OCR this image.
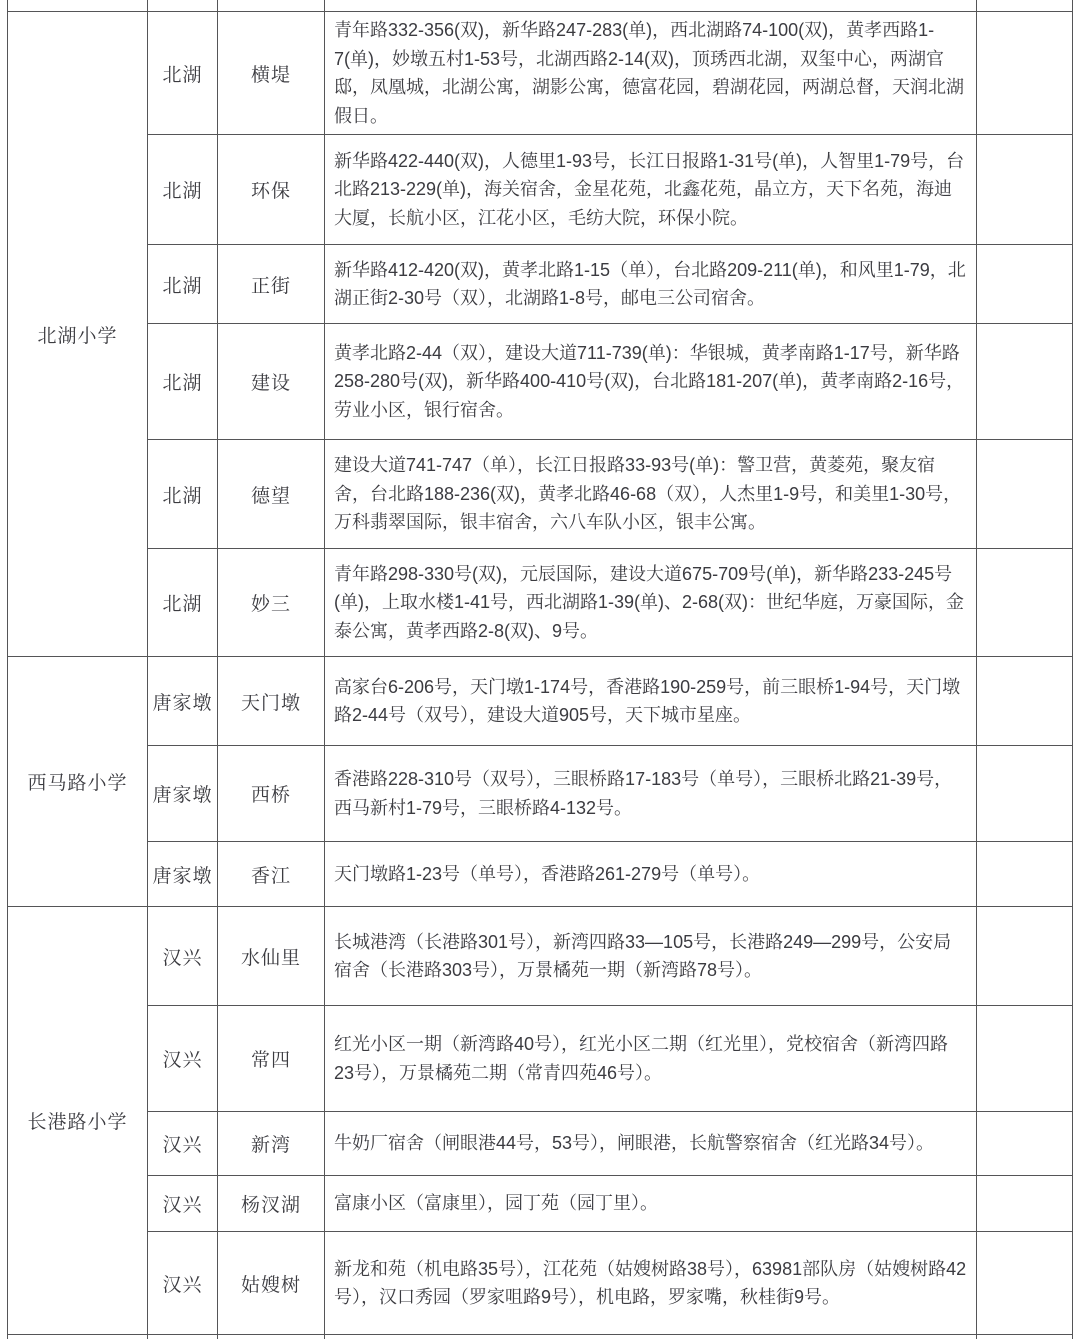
北湖小学	北湖	横堤	青年路332-356(双)，新华路247-283(单)，西北湖路74-100(双)，黄孝西路1-7(单)，妙墩五村1-53号，北湖西路2-14(双)，顶琇西北湖，双玺中心，两湖官邸，凤凰城，北湖公寓，湖影公寓，德富花园，碧湖花园，两湖总督，天润北湖假日。	
	北湖	环保	新华路422-440(双)，人德里1-93号，长江日报路1-31号(单)，人智里1-79号，台北路213-229(单)，海关宿舍，金星花苑，北鑫花苑，晶立方，天下名苑，海迪大厦，长航小区，江花小区，毛纺大院，环保小院。	
	北湖	正街	新华路412-420(双)，黄孝北路1-15（单），台北路209-211(单)，和风里1-79，北湖正街2-30号（双），北湖路1-8号，邮电三公司宿舍。	
	北湖	建设	黄孝北路2-44（双），建设大道711-739(单)：华银城，黄孝南路1-17号，新华路258-280号(双)，新华路400-410号(双)，台北路181-207(单)，黄孝南路2-16号，劳业小区，银行宿舍。	
	北湖	德望	建设大道741-747（单），长江日报路33-93号(单)：警卫营，黄菱苑，聚友宿舍，台北路188-236(双)，黄孝北路46-68（双），人杰里1-9号，和美里1-30号，万科翡翠国际，银丰宿舍，六八车队小区，银丰公寓。	
	北湖	妙三	青年路298-330号(双)，元辰国际，建设大道675-709号(单)，新华路233-245号(单)，上取水楼1-41号，西北湖路1-39(单)、2-68(双)：世纪华庭，万豪国际，金泰公寓，黄孝西路2-8(双)、9号。	
西马路小学	唐家墩	天门墩	高家台6-206号，天门墩1-174号，香港路190-259号，前三眼桥1-94号，天门墩路2-44号（双号），建设大道905号，天下城市星座。	
	唐家墩	西桥	香港路228-310号（双号），三眼桥路17-183号（单号），三眼桥北路21-39号，西马新村1-79号，三眼桥路4-132号。	
	唐家墩	香江	天门墩路1-23号（单号），香港路261-279号（单号）。	
长港路小学	汉兴	水仙里	长城港湾（长港路301号），新湾四路33—105号，长港路249—299号，公安局宿舍（长港路303号），万景橘苑一期（新湾路78号）。	
	汉兴	常四	红光小区一期（新湾路40号），红光小区二期（红光里），党校宿舍（新湾四路23号），万景橘苑二期（常青四苑46号）。	
	汉兴	新湾	牛奶厂宿舍（闸眼港44号，53号），闸眼港，长航警察宿舍（红光路34号）。	
	汉兴	杨汊湖	富康小区（富康里），园丁苑（园丁里）。	
	汉兴	姑嫂树	新龙和苑（机电路35号），江花苑（姑嫂树路38号），63981部队房（姑嫂树路42号），汉口秀园（罗家咀路9号），机电路，罗家嘴，秋桂街9号。	
